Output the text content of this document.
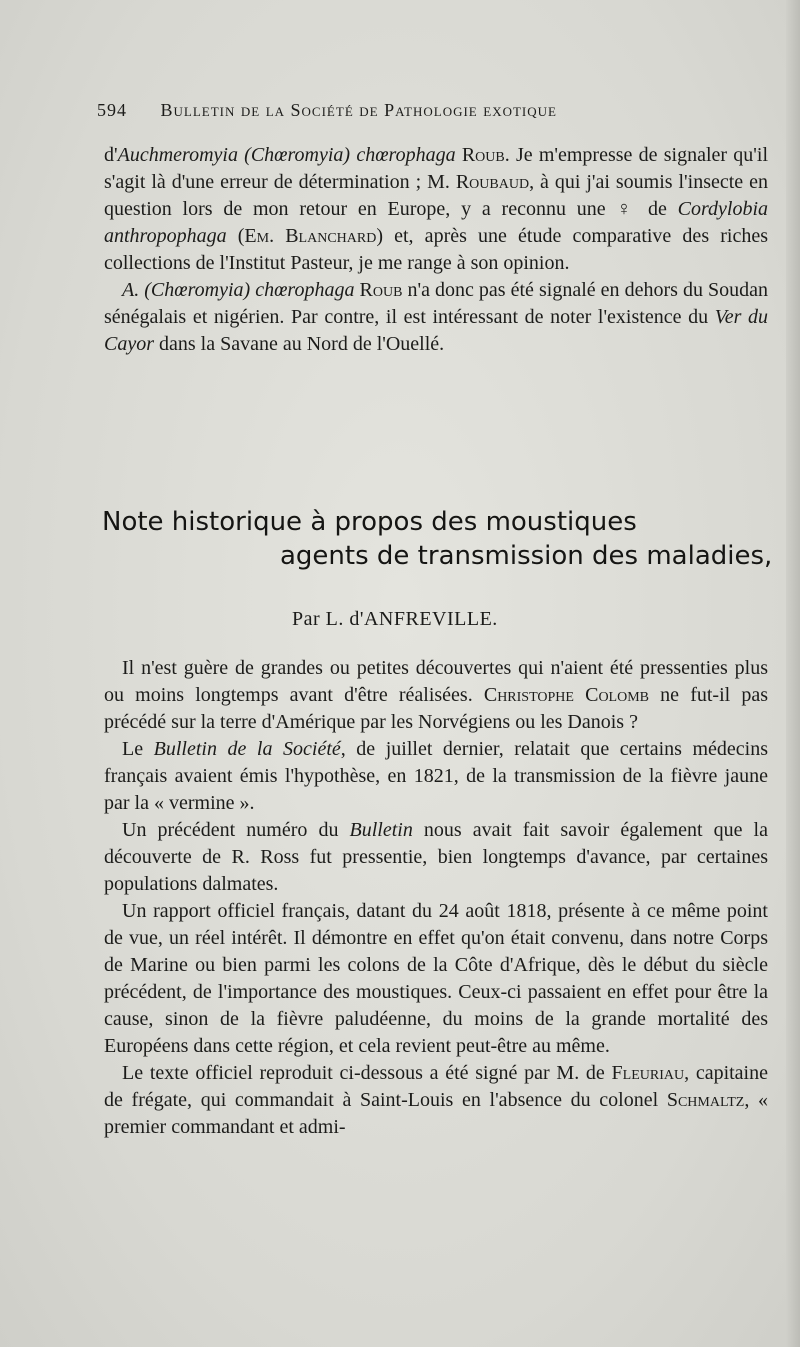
594 Bulletin de la Société de Pathologie exotique

d'Auchmeromyia (Chœromyia) chœrophaga Roub. Je m'empresse de signaler qu'il s'agit là d'une erreur de détermination ; M. Roubaud, à qui j'ai soumis l'insecte en question lors de mon retour en Europe, y a reconnu une ♀ de Cordylobia anthropophaga (Em. Blanchard) et, après une étude comparative des riches collections de l'Institut Pasteur, je me range à son opinion.

A. (Chœromyia) chœrophaga Roub n'a donc pas été signalé en dehors du Soudan sénégalais et nigérien. Par contre, il est intéressant de noter l'existence du Ver du Cayor dans la Savane au Nord de l'Ouellé.

Note historique à propos des moustiques
agents de transmission des maladies,
Par L. d'ANFREVILLE.

Il n'est guère de grandes ou petites découvertes qui n'aient été pressenties plus ou moins longtemps avant d'être réalisées. Christophe Colomb ne fut-il pas précédé sur la terre d'Amérique par les Norvégiens ou les Danois ?

Le Bulletin de la Société, de juillet dernier, relatait que certains médecins français avaient émis l'hypothèse, en 1821, de la transmission de la fièvre jaune par la « vermine ».

Un précédent numéro du Bulletin nous avait fait savoir également que la découverte de R. Ross fut pressentie, bien longtemps d'avance, par certaines populations dalmates.

Un rapport officiel français, datant du 24 août 1818, présente à ce même point de vue, un réel intérêt. Il démontre en effet qu'on était convenu, dans notre Corps de Marine ou bien parmi les colons de la Côte d'Afrique, dès le début du siècle précédent, de l'importance des moustiques. Ceux-ci passaient en effet pour être la cause, sinon de la fièvre paludéenne, du moins de la grande mortalité des Européens dans cette région, et cela revient peut-être au même.

Le texte officiel reproduit ci-dessous a été signé par M. de Fleuriau, capitaine de frégate, qui commandait à Saint-Louis en l'absence du colonel Schmaltz, « premier commandant et admi-
